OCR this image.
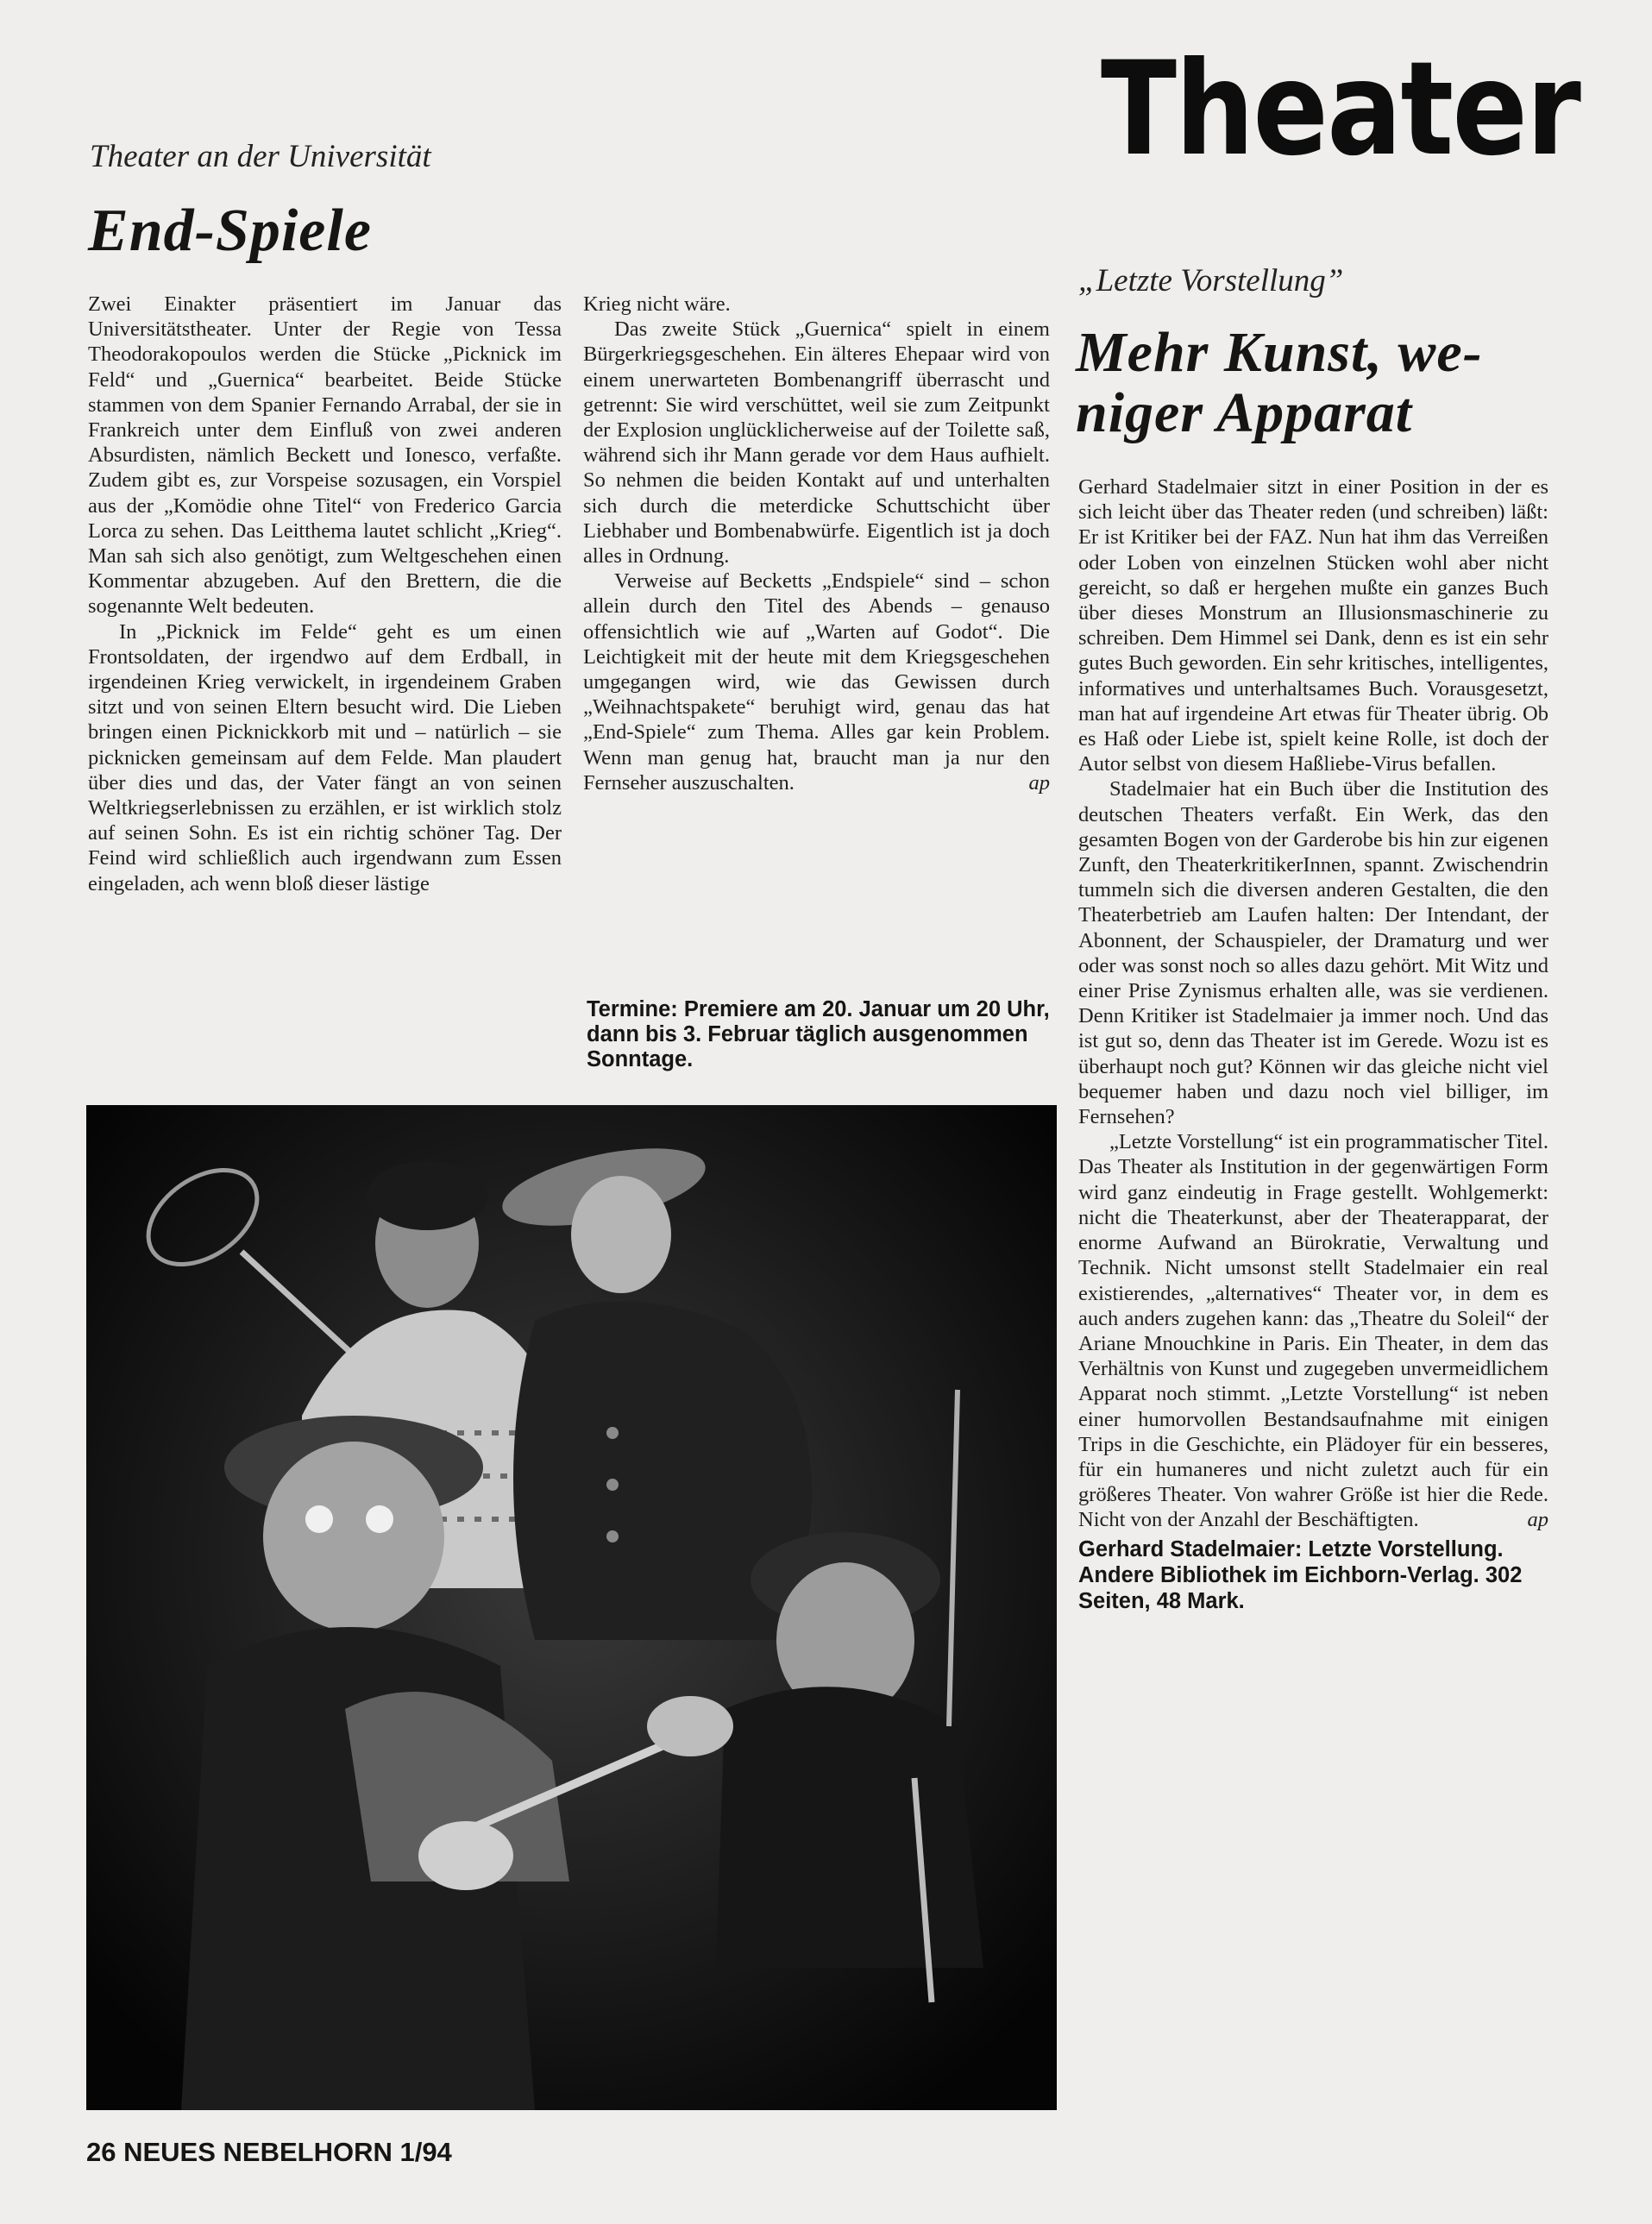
Theater
Theater an der Universität
End-Spiele

Zwei Einakter präsentiert im Januar das Universitätstheater. Unter der Regie von Tessa Theodorakopoulos werden die Stücke „Picknick im Feld“ und „Guernica“ bearbeitet. Beide Stücke stammen von dem Spanier Fernando Arrabal, der sie in Frankreich unter dem Einfluß von zwei anderen Absurdisten, nämlich Beckett und Ionesco, verfaßte. Zudem gibt es, zur Vorspeise sozusagen, ein Vorspiel aus der „Komödie ohne Titel“ von Frederico Garcia Lorca zu sehen. Das Leitthema lautet schlicht „Krieg“. Man sah sich also genötigt, zum Weltgeschehen einen Kommentar abzugeben. Auf den Brettern, die die sogenannte Welt bedeuten.

In „Picknick im Felde“ geht es um einen Frontsoldaten, der irgendwo auf dem Erdball, in irgendeinen Krieg verwickelt, in irgendeinem Graben sitzt und von seinen Eltern besucht wird. Die Lieben bringen einen Picknickkorb mit und – natürlich – sie picknicken gemeinsam auf dem Felde. Man plaudert über dies und das, der Vater fängt an von seinen Weltkriegserlebnissen zu erzählen, er ist wirklich stolz auf seinen Sohn. Es ist ein richtig schöner Tag. Der Feind wird schließlich auch irgendwann zum Essen eingeladen, ach wenn bloß dieser lästige

Krieg nicht wäre.

Das zweite Stück „Guernica“ spielt in einem Bürgerkriegsgeschehen. Ein älteres Ehepaar wird von einem unerwarteten Bombenangriff überrascht und getrennt: Sie wird verschüttet, weil sie zum Zeitpunkt der Explosion unglücklicherweise auf der Toilette saß, während sich ihr Mann gerade vor dem Haus aufhielt. So nehmen die beiden Kontakt auf und unterhalten sich durch die meterdicke Schuttschicht über Liebhaber und Bombenabwürfe. Eigentlich ist ja doch alles in Ordnung.

Verweise auf Becketts „Endspiele“ sind – schon allein durch den Titel des Abends – genauso offensichtlich wie auf „Warten auf Godot“. Die Leichtigkeit mit der heute mit dem Kriegsgeschehen umgegangen wird, wie das Gewissen durch „Weihnachtspakete“ beruhigt wird, genau das hat „End-Spiele“ zum Thema. Alles gar kein Problem. Wenn man genug hat, braucht man ja nur den Fernseher auszuschalten.	ap

Termine: Premiere am 20. Januar um 20 Uhr, dann bis 3. Februar täglich ausgenommen Sonntage.
„Letzte Vorstellung”
Mehr Kunst, we-
niger Apparat

Gerhard Stadelmaier sitzt in einer Position in der es sich leicht über das Theater reden (und schreiben) läßt: Er ist Kritiker bei der FAZ. Nun hat ihm das Verreißen oder Loben von einzelnen Stücken wohl aber nicht gereicht, so daß er hergehen mußte ein ganzes Buch über dieses Monstrum an Illusionsmaschinerie zu schreiben. Dem Himmel sei Dank, denn es ist ein sehr gutes Buch geworden. Ein sehr kritisches, intelligentes, informatives und unterhaltsames Buch. Vorausgesetzt, man hat auf irgendeine Art etwas für Theater übrig. Ob es Haß oder Liebe ist, spielt keine Rolle, ist doch der Autor selbst von diesem Haßliebe-Virus befallen.

Stadelmaier hat ein Buch über die Institution des deutschen Theaters verfaßt. Ein Werk, das den gesamten Bogen von der Garderobe bis hin zur eigenen Zunft, den TheaterkritikerInnen, spannt. Zwischendrin tummeln sich die diversen anderen Gestalten, die den Theaterbetrieb am Laufen halten: Der Intendant, der Abonnent, der Schauspieler, der Dramaturg und wer oder was sonst noch so alles dazu gehört. Mit Witz und einer Prise Zynismus erhalten alle, was sie verdienen. Denn Kritiker ist Stadelmaier ja immer noch. Und das ist gut so, denn das Theater ist im Gerede. Wozu ist es überhaupt noch gut? Können wir das gleiche nicht viel bequemer haben und dazu noch viel billiger, im Fernsehen?

„Letzte Vorstellung“ ist ein programmatischer Titel. Das Theater als Institution in der gegenwärtigen Form wird ganz eindeutig in Frage gestellt. Wohlgemerkt: nicht die Theaterkunst, aber der Theaterapparat, der enorme Aufwand an Bürokratie, Verwaltung und Technik. Nicht umsonst stellt Stadelmaier ein real existierendes, „alternatives“ Theater vor, in dem es auch anders zugehen kann: das „Theatre du Soleil“ der Ariane Mnouchkine in Paris. Ein Theater, in dem das Verhältnis von Kunst und zugegeben unvermeidlichem Apparat noch stimmt. „Letzte Vorstellung“ ist neben einer humorvollen Bestandsaufnahme mit einigen Trips in die Geschichte, ein Plädoyer für ein besseres, für ein humaneres und nicht zuletzt auch für ein größeres Theater. Von wahrer Größe ist hier die Rede. Nicht von der Anzahl der Beschäftigten.	ap

Gerhard Stadelmaier: Letzte Vorstellung. Andere Bibliothek im Eichborn-Verlag. 302 Seiten, 48 Mark.
26 NEUES NEBELHORN 1/94
